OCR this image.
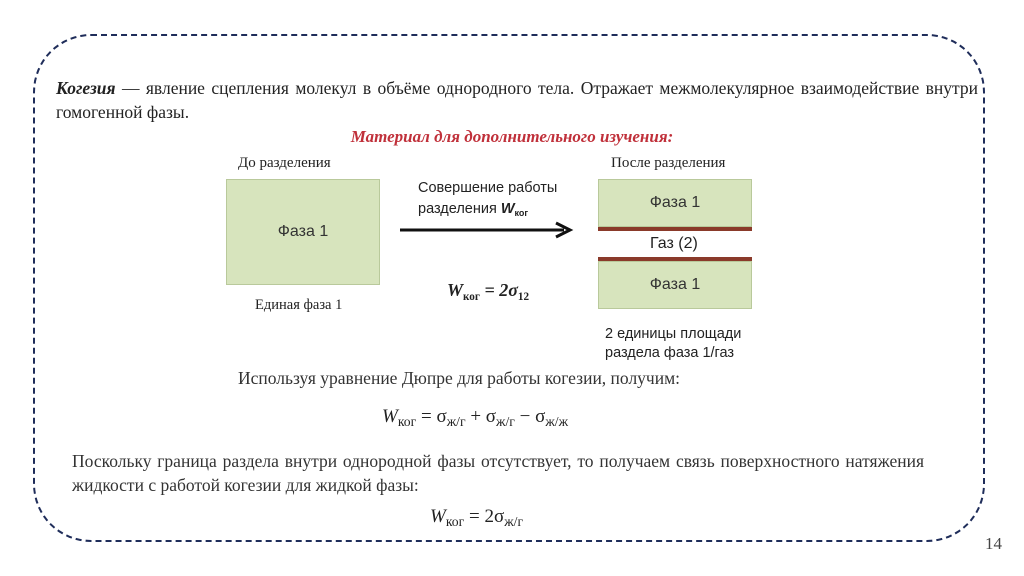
Когезия — явление сцепления молекул в объёме однородного тела. Отражает межмолекулярное взаимодействие внутри гомогенной фазы.
Материал для дополнительного изучения:
До разделения	После разделения
Фаза 1
Совершение работы
разделения $W_{ког}$
Фаза 1
Газ (2)
Фаза 1
Единая фаза 1
$W_{ког} = 2\sigma_{12}$
2 единицы площади
раздела фаза 1/газ
Используя уравнение Дюпре для работы когезии, получим:
$W_{ког} = \sigma_{ж/г} + \sigma_{ж/г} - \sigma_{ж/ж}$
Поскольку граница раздела внутри однородной фазы отсутствует, то получаем связь поверхностного натяжения жидкости с работой когезии для жидкой фазы:
$W_{ког} = 2\sigma_{ж/г}$
14
